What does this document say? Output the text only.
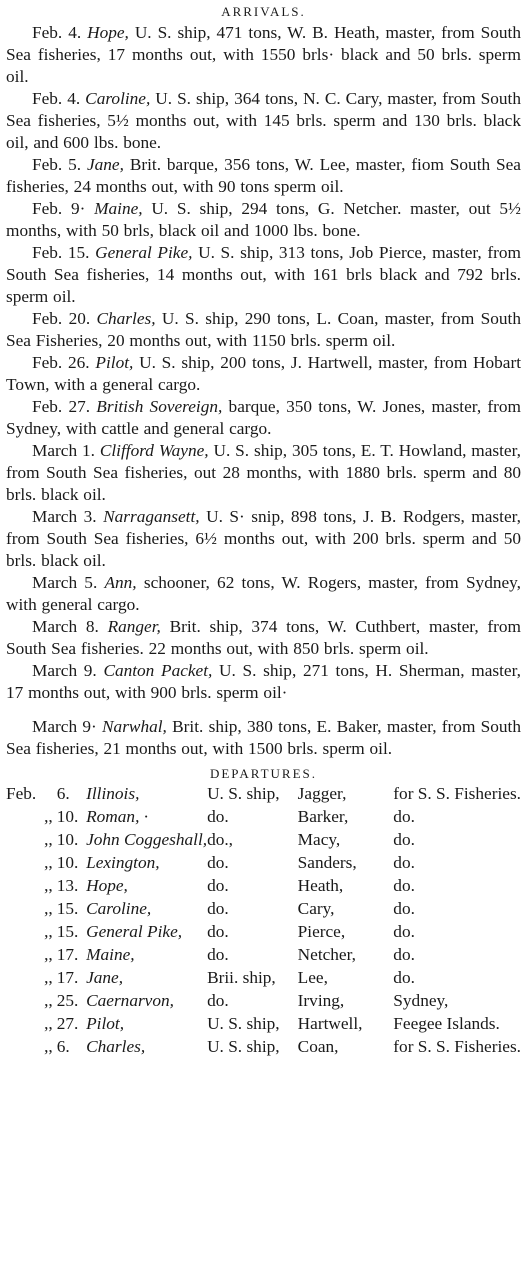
ARRIVALS.

Feb. 4. Hope, U. S. ship, 471 tons, W. B. Heath, master, from South Sea fisheries, 17 months out, with 1550 brls· black and 50 brls. sperm oil.

Feb. 4. Caroline, U. S. ship, 364 tons, N. C. Cary, master, from South Sea fisheries, 5½ months out, with 145 brls. sperm and 130 brls. black oil, and 600 lbs. bone.

Feb. 5. Jane, Brit. barque, 356 tons, W. Lee, master, fiom South Sea fisheries, 24 months out, with 90 tons sperm oil.

Feb. 9· Maine, U. S. ship, 294 tons, G. Netcher. master, out 5½ months, with 50 brls, black oil and 1000 lbs. bone.

Feb. 15. General Pike, U. S. ship, 313 tons, Job Pierce, master, from South Sea fisheries, 14 months out, with 161 brls black and 792 brls. sperm oil.

Feb. 20. Charles, U. S. ship, 290 tons, L. Coan, master, from South Sea Fisheries, 20 months out, with 1150 brls. sperm oil.

Feb. 26. Pilot, U. S. ship, 200 tons, J. Hartwell, master, from Hobart Town, with a general cargo.

Feb. 27. British Sovereign, barque, 350 tons, W. Jones, master, from Sydney, with cattle and general cargo.

March 1. Clifford Wayne, U. S. ship, 305 tons, E. T. Howland, master, from South Sea fisheries, out 28 months, with 1880 brls. sperm and 80 brls. black oil.

March 3. Narragansett, U. S· snip, 898 tons, J. B. Rodgers, master, from South Sea fisheries, 6½ months out, with 200 brls. sperm and 50 brls. black oil.

March 5. Ann, schooner, 62 tons, W. Rogers, master, from Sydney, with general cargo.

March 8. Ranger, Brit. ship, 374 tons, W. Cuthbert, master, from South Sea fisheries. 22 months out, with 850 brls. sperm oil.

March 9. Canton Packet, U. S. ship, 271 tons, H. Sherman, master, 17 months out, with 900 brls. sperm oil·

March 9· Narwhal, Brit. ship, 380 tons, E. Baker, master, from South Sea fisheries, 21 months out, with 1500 brls. sperm oil.

DEPARTURES.

Feb.	6.	Illinois,	U. S. ship,	Jagger,	for S. S. Fisheries.
,,	10.	Roman, ·	do.	Barker,	do.
,,	10.	John Coggeshall,	do.,	Macy,	do.
,,	10.	Lexington,	do.	Sanders,	do.
,,	13.	Hope,	do.	Heath,	do.
,,	15.	Caroline,	do.	Cary,	do.
,,	15.	General Pike,	do.	Pierce,	do.
,,	17.	Maine,	do.	Netcher,	do.
,,	17.	Jane,	Brii. ship,	Lee,	do.
,,	25.	Caernarvon,	do.	Irving,	Sydney,
,,	27.	Pilot,	U. S. ship,	Hartwell,	Feegee Islands.
,,	6.	Charles,	U. S. ship,	Coan,	for S. S. Fisheries.
